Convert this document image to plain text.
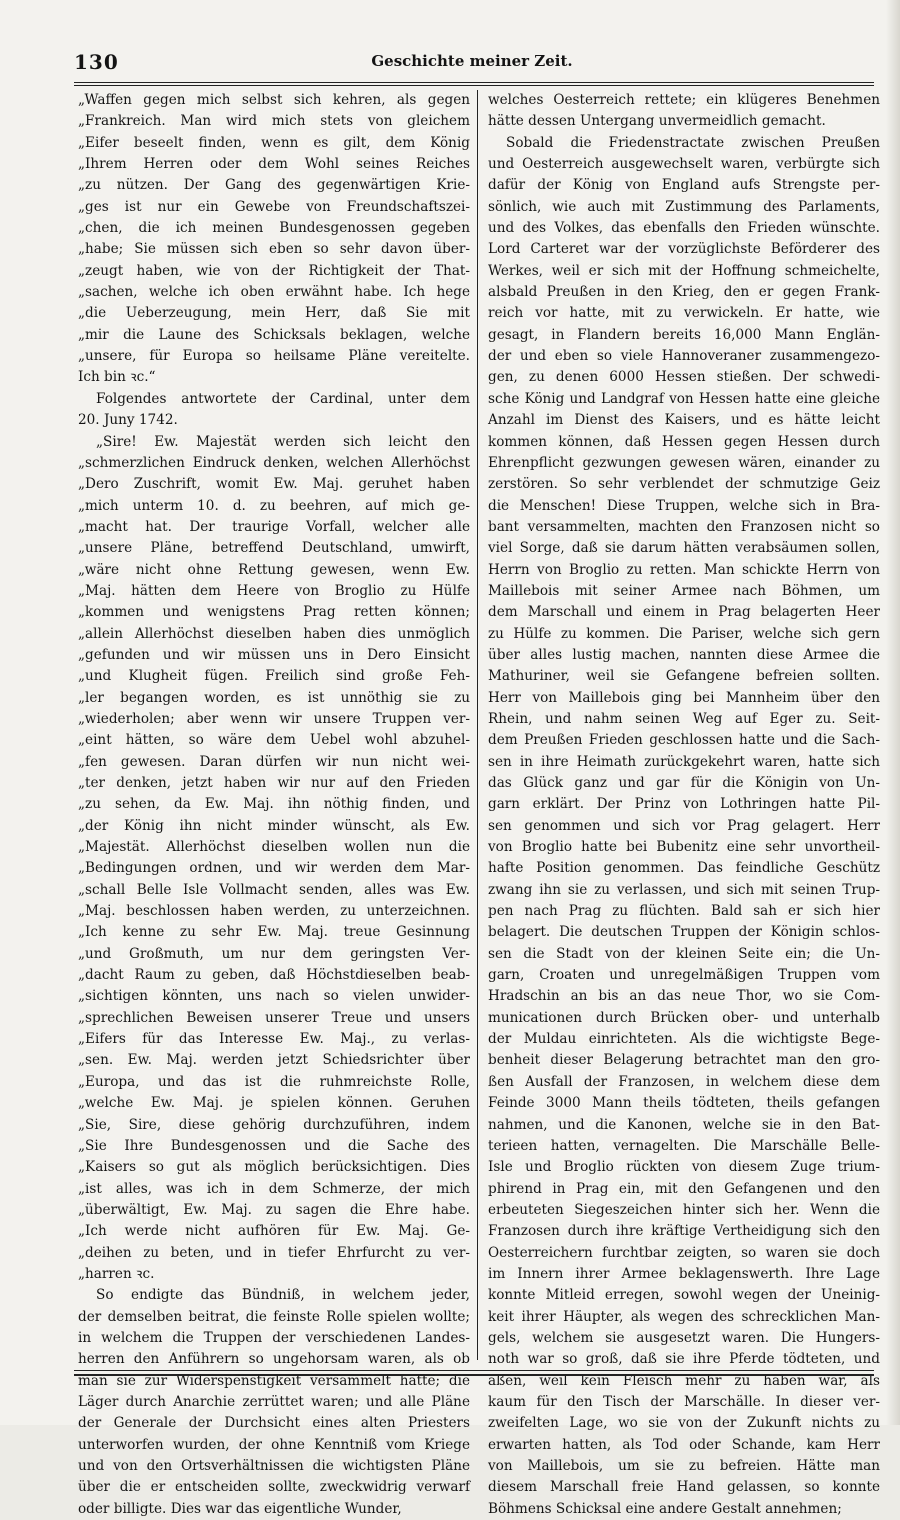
130	Geschichte meiner Zeit.
„Waffen gegen mich selbst sich kehren, als gegen
„Frankreich. Man wird mich stets von gleichem
„Eifer beseelt finden, wenn es gilt, dem König
„Ihrem Herren oder dem Wohl seines Reiches
„zu nützen. Der Gang des gegenwärtigen Krie-
„ges ist nur ein Gewebe von Freundschaftszei-
„chen, die ich meinen Bundesgenossen gegeben
„habe; Sie müssen sich eben so sehr davon über-
„zeugt haben, wie von der Richtigkeit der That-
„sachen, welche ich oben erwähnt habe. Ich hege
„die Ueberzeugung, mein Herr, daß Sie mit
„mir die Laune des Schicksals beklagen, welche
„unsere, für Europa so heilsame Pläne vereitelte.
Ich bin ꝛc.“
Folgendes antwortete der Cardinal, unter dem
20. Juny 1742.
„Sire! Ew. Majestät werden sich leicht den
„schmerzlichen Eindruck denken, welchen Allerhöchst
„Dero Zuschrift, womit Ew. Maj. geruhet haben
„mich unterm 10. d. zu beehren, auf mich ge-
„macht hat. Der traurige Vorfall, welcher alle
„unsere Pläne, betreffend Deutschland, umwirft,
„wäre nicht ohne Rettung gewesen, wenn Ew.
„Maj. hätten dem Heere von Broglio zu Hülfe
„kommen und wenigstens Prag retten können;
„allein Allerhöchst dieselben haben dies unmöglich
„gefunden und wir müssen uns in Dero Einsicht
„und Klugheit fügen. Freilich sind große Feh-
„ler begangen worden, es ist unnöthig sie zu
„wiederholen; aber wenn wir unsere Truppen ver-
„eint hätten, so wäre dem Uebel wohl abzuhel-
„fen gewesen. Daran dürfen wir nun nicht wei-
„ter denken, jetzt haben wir nur auf den Frieden
„zu sehen, da Ew. Maj. ihn nöthig finden, und
„der König ihn nicht minder wünscht, als Ew.
„Majestät. Allerhöchst dieselben wollen nun die
„Bedingungen ordnen, und wir werden dem Mar-
„schall Belle Isle Vollmacht senden, alles was Ew.
„Maj. beschlossen haben werden, zu unterzeichnen.
„Ich kenne zu sehr Ew. Maj. treue Gesinnung
„und Großmuth, um nur dem geringsten Ver-
„dacht Raum zu geben, daß Höchstdieselben beab-
„sichtigen könnten, uns nach so vielen unwider-
„sprechlichen Beweisen unserer Treue und unsers
„Eifers für das Interesse Ew. Maj., zu verlas-
„sen. Ew. Maj. werden jetzt Schiedsrichter über
„Europa, und das ist die ruhmreichste Rolle,
„welche Ew. Maj. je spielen können. Geruhen
„Sie, Sire, diese gehörig durchzuführen, indem
„Sie Ihre Bundesgenossen und die Sache des
„Kaisers so gut als möglich berücksichtigen. Dies
„ist alles, was ich in dem Schmerze, der mich
„überwältigt, Ew. Maj. zu sagen die Ehre habe.
„Ich werde nicht aufhören für Ew. Maj. Ge-
„deihen zu beten, und in tiefer Ehrfurcht zu ver-
„harren ꝛc.
So endigte das Bündniß, in welchem jeder,
der demselben beitrat, die feinste Rolle spielen wollte;
in welchem die Truppen der verschiedenen Landes-
herren den Anführern so ungehorsam waren, als ob
man sie zur Widerspenstigkeit versammelt hätte; die
Läger durch Anarchie zerrüttet waren; und alle Pläne
der Generale der Durchsicht eines alten Priesters
unterworfen wurden, der ohne Kenntniß vom Kriege
und von den Ortsverhältnissen die wichtigsten Pläne
über die er entscheiden sollte, zweckwidrig verwarf
oder billigte. Dies war das eigentliche Wunder,
welches Oesterreich rettete; ein klügeres Benehmen
hätte dessen Untergang unvermeidlich gemacht.
Sobald die Friedenstractate zwischen Preußen
und Oesterreich ausgewechselt waren, verbürgte sich
dafür der König von England aufs Strengste per-
sönlich, wie auch mit Zustimmung des Parlaments,
und des Volkes, das ebenfalls den Frieden wünschte.
Lord Carteret war der vorzüglichste Beförderer des
Werkes, weil er sich mit der Hoffnung schmeichelte,
alsbald Preußen in den Krieg, den er gegen Frank-
reich vor hatte, mit zu verwickeln. Er hatte, wie
gesagt, in Flandern bereits 16,000 Mann Englän-
der und eben so viele Hannoveraner zusammengezo-
gen, zu denen 6000 Hessen stießen. Der schwedi-
sche König und Landgraf von Hessen hatte eine gleiche
Anzahl im Dienst des Kaisers, und es hätte leicht
kommen können, daß Hessen gegen Hessen durch
Ehrenpflicht gezwungen gewesen wären, einander zu
zerstören. So sehr verblendet der schmutzige Geiz
die Menschen! Diese Truppen, welche sich in Bra-
bant versammelten, machten den Franzosen nicht so
viel Sorge, daß sie darum hätten verabsäumen sollen,
Herrn von Broglio zu retten. Man schickte Herrn von
Maillebois mit seiner Armee nach Böhmen, um
dem Marschall und einem in Prag belagerten Heer
zu Hülfe zu kommen. Die Pariser, welche sich gern
über alles lustig machen, nannten diese Armee die
Mathuriner, weil sie Gefangene befreien sollten.
Herr von Maillebois ging bei Mannheim über den
Rhein, und nahm seinen Weg auf Eger zu. Seit-
dem Preußen Frieden geschlossen hatte und die Sach-
sen in ihre Heimath zurückgekehrt waren, hatte sich
das Glück ganz und gar für die Königin von Un-
garn erklärt. Der Prinz von Lothringen hatte Pil-
sen genommen und sich vor Prag gelagert. Herr
von Broglio hatte bei Bubenitz eine sehr unvortheil-
hafte Position genommen. Das feindliche Geschütz
zwang ihn sie zu verlassen, und sich mit seinen Trup-
pen nach Prag zu flüchten. Bald sah er sich hier
belagert. Die deutschen Truppen der Königin schlos-
sen die Stadt von der kleinen Seite ein; die Un-
garn, Croaten und unregelmäßigen Truppen vom
Hradschin an bis an das neue Thor, wo sie Com-
municationen durch Brücken ober- und unterhalb
der Muldau einrichteten. Als die wichtigste Bege-
benheit dieser Belagerung betrachtet man den gro-
ßen Ausfall der Franzosen, in welchem diese dem
Feinde 3000 Mann theils tödteten, theils gefangen
nahmen, und die Kanonen, welche sie in den Bat-
terieen hatten, vernagelten. Die Marschälle Belle-
Isle und Broglio rückten von diesem Zuge trium-
phirend in Prag ein, mit den Gefangenen und den
erbeuteten Siegeszeichen hinter sich her. Wenn die
Franzosen durch ihre kräftige Vertheidigung sich den
Oesterreichern furchtbar zeigten, so waren sie doch
im Innern ihrer Armee beklagenswerth. Ihre Lage
konnte Mitleid erregen, sowohl wegen der Uneinig-
keit ihrer Häupter, als wegen des schrecklichen Man-
gels, welchem sie ausgesetzt waren. Die Hungers-
noth war so groß, daß sie ihre Pferde tödteten, und
aßen, weil kein Fleisch mehr zu haben war, als
kaum für den Tisch der Marschälle. In dieser ver-
zweifelten Lage, wo sie von der Zukunft nichts zu
erwarten hatten, als Tod oder Schande, kam Herr
von Maillebois, um sie zu befreien. Hätte man
diesem Marschall freie Hand gelassen, so konnte
Böhmens Schicksal eine andere Gestalt annehmen;
